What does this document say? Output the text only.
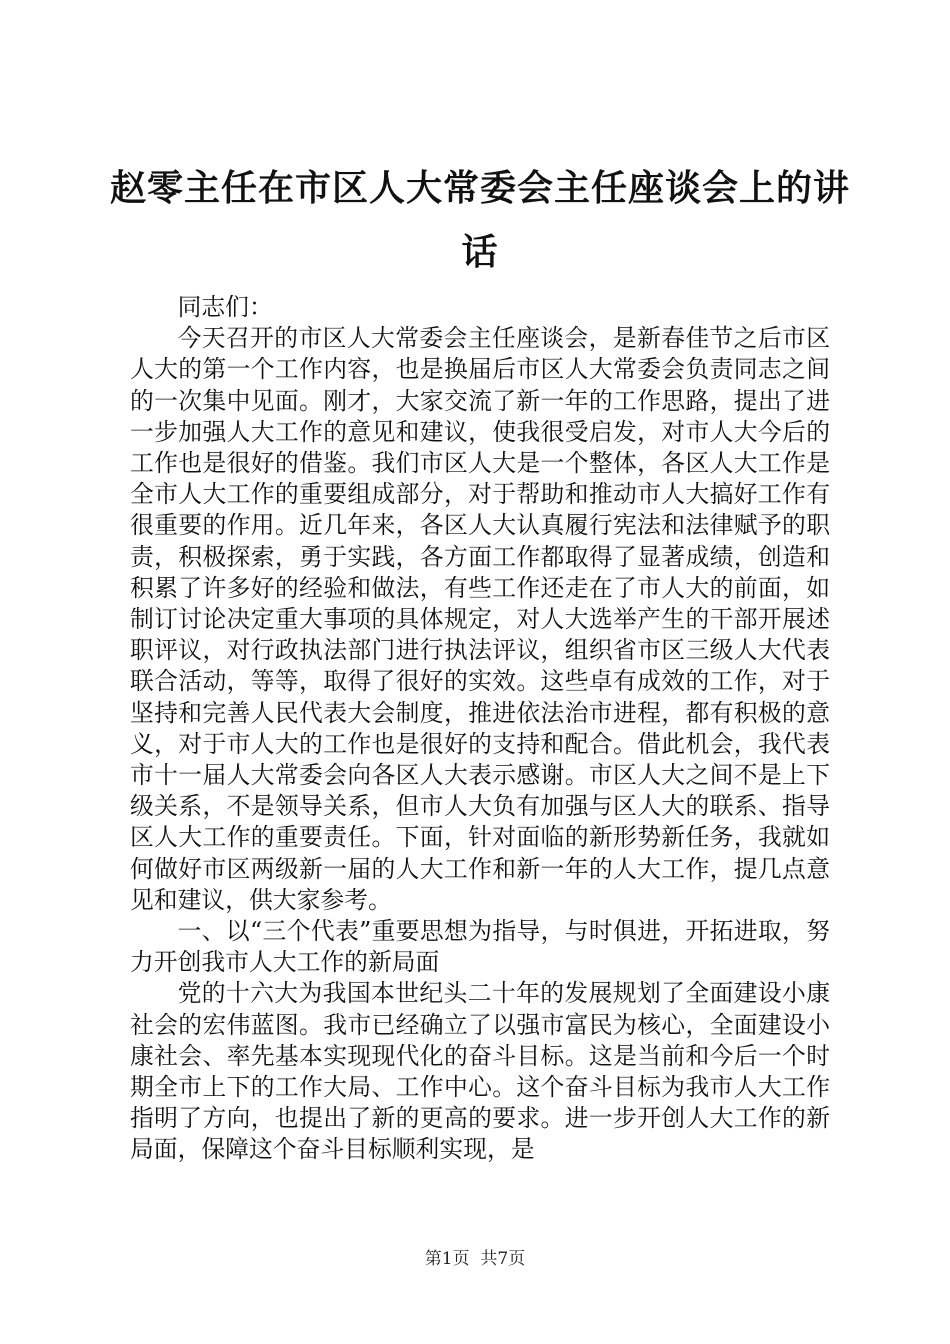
赵零主任在市区人大常委会主任座谈会上的讲话

同志们：

今天召开的市区人大常委会主任座谈会，是新春佳节之后市区人大的第一个工作内容，也是换届后市区人大常委会负责同志之间的一次集中见面。刚才，大家交流了新一年的工作思路，提出了进一步加强人大工作的意见和建议，使我很受启发，对市人大今后的工作也是很好的借鉴。我们市区人大是一个整体，各区人大工作是全市人大工作的重要组成部分，对于帮助和推动市人大搞好工作有很重要的作用。近几年来，各区人大认真履行宪法和法律赋予的职责，积极探索，勇于实践，各方面工作都取得了显著成绩，创造和积累了许多好的经验和做法，有些工作还走在了市人大的前面，如制订讨论决定重大事项的具体规定，对人大选举产生的干部开展述职评议，对行政执法部门进行执法评议，组织省市区三级人大代表联合活动，等等，取得了很好的实效。这些卓有成效的工作，对于坚持和完善人民代表大会制度，推进依法治市进程，都有积极的意义，对于市人大的工作也是很好的支持和配合。借此机会，我代表市十一届人大常委会向各区人大表示感谢。市区人大之间不是上下级关系，不是领导关系，但市人大负有加强与区人大的联系、指导区人大工作的重要责任。下面，针对面临的新形势新任务，我就如何做好市区两级新一届的人大工作和新一年的人大工作，提几点意见和建议，供大家参考。

一、以“三个代表”重要思想为指导，与时俱进，开拓进取，努力开创我市人大工作的新局面

党的十六大为我国本世纪头二十年的发展规划了全面建设小康社会的宏伟蓝图。我市已经确立了以强市富民为核心，全面建设小康社会、率先基本实现现代化的奋斗目标。这是当前和今后一个时期全市上下的工作大局、工作中心。这个奋斗目标为我市人大工作指明了方向，也提出了新的更高的要求。进一步开创人大工作的新局面，保障这个奋斗目标顺利实现，是

第1页 共7页
